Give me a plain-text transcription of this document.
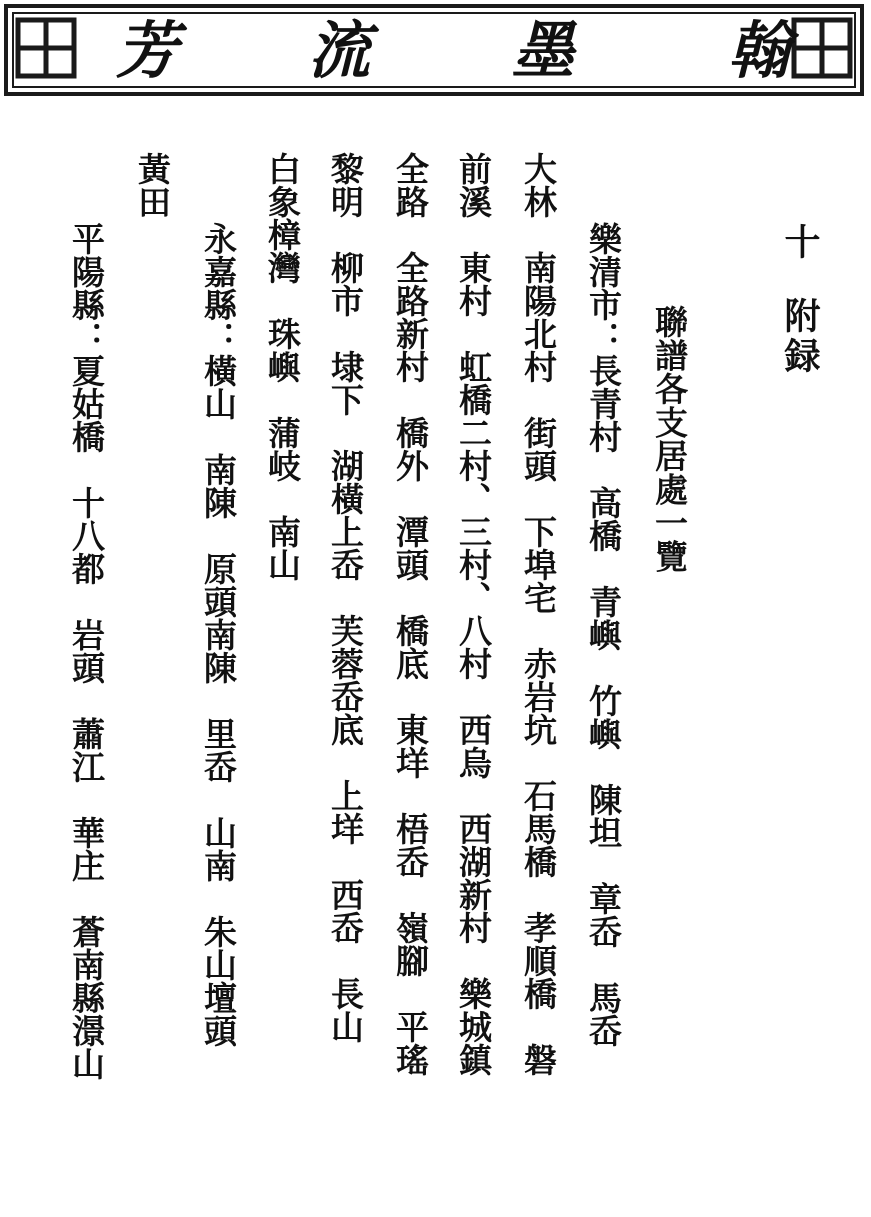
翰
墨
流
芳
十附録
聯譜各支居處一覽
樂清市：長青村　高橋　青嶼　竹嶼　陳坦　章岙　馬岙
大林　南陽北村　街頭　下埠宅　赤岩坑　石馬橋　孝順橋　磐
前溪　東村　虹橋二村、三村、八村　西烏　西湖新村　樂城鎮
全路　全路新村　橋外　潭頭　橋底　東垟　梧岙　嶺腳　平瑤
黎明　柳市　埭下　湖橫上岙　芙蓉岙底　上垟　西岙　長山
白象樟灣　珠嶼　蒲岐　南山
永嘉縣：橫山　南陳　原頭南陳　里岙　山南　朱山壇頭
黃田
平陽縣：夏姑橋　十八都　岩頭　蕭江　華庄　蒼南縣澋山
